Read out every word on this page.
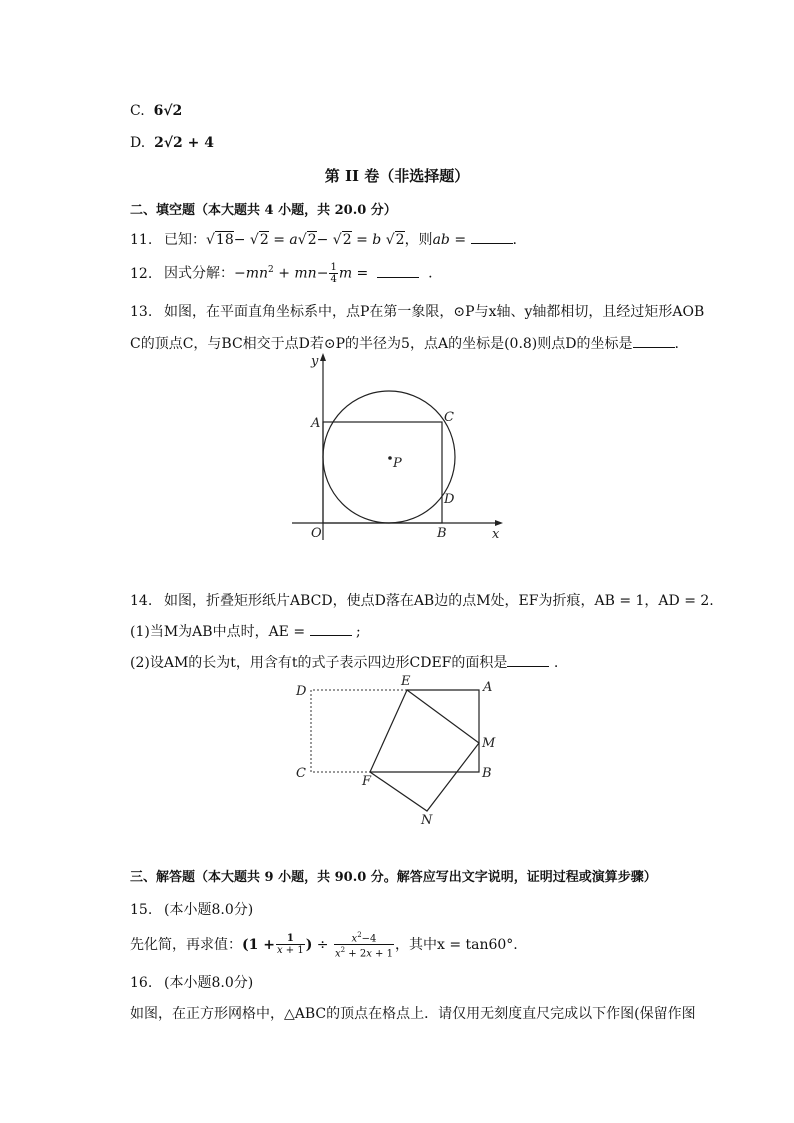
C. 6√2
D. 2√2 + 4
第 II 卷（非选择题）
二、填空题（本大题共 4 小题，共 20.0 分）
11. 已知：√18− √2 = a√2− √2 = b √2，则ab =	.
12. 因式分解：$-mn^2 + mn- \frac{1}{4}$ m =	.
13. 如图，在平面直角坐标系中，点P在第一象限，⊙P与x轴、y轴都相切，且经过矩形AOB
C的顶点C，与BC相交于点D若⊙P的半径为5，点A的坐标是(0.8)则点D的坐标是	.
y
A	C
P
D
O	B	x
14. 如图，折叠矩形纸片ABCD，使点D落在AB边的点M处，EF为折痕，AB = 1，AD = 2.
(1)当M为AB中点时，AE =	;
(2)设AM的长为t，用含有t的式子表示四边形CDEF的面积是	.
D
E	A
M
C
F
B
N
三、解答题（本大题共 9 小题，共 90.0 分。解答应写出文字说明，证明过程或演算步骤）
15. (本小题8.0分)
先化简，再求值：($1 + \frac{1}{x + 1}$ ) ÷ $\frac{x^2-4}{x^2 + 2x + 1}$ ，其中x = tan60°.
16. (本小题8.0分)
如图，在正方形网格中，△ABC的顶点在格点上．请仅用无刻度直尺完成以下作图(保留作图
